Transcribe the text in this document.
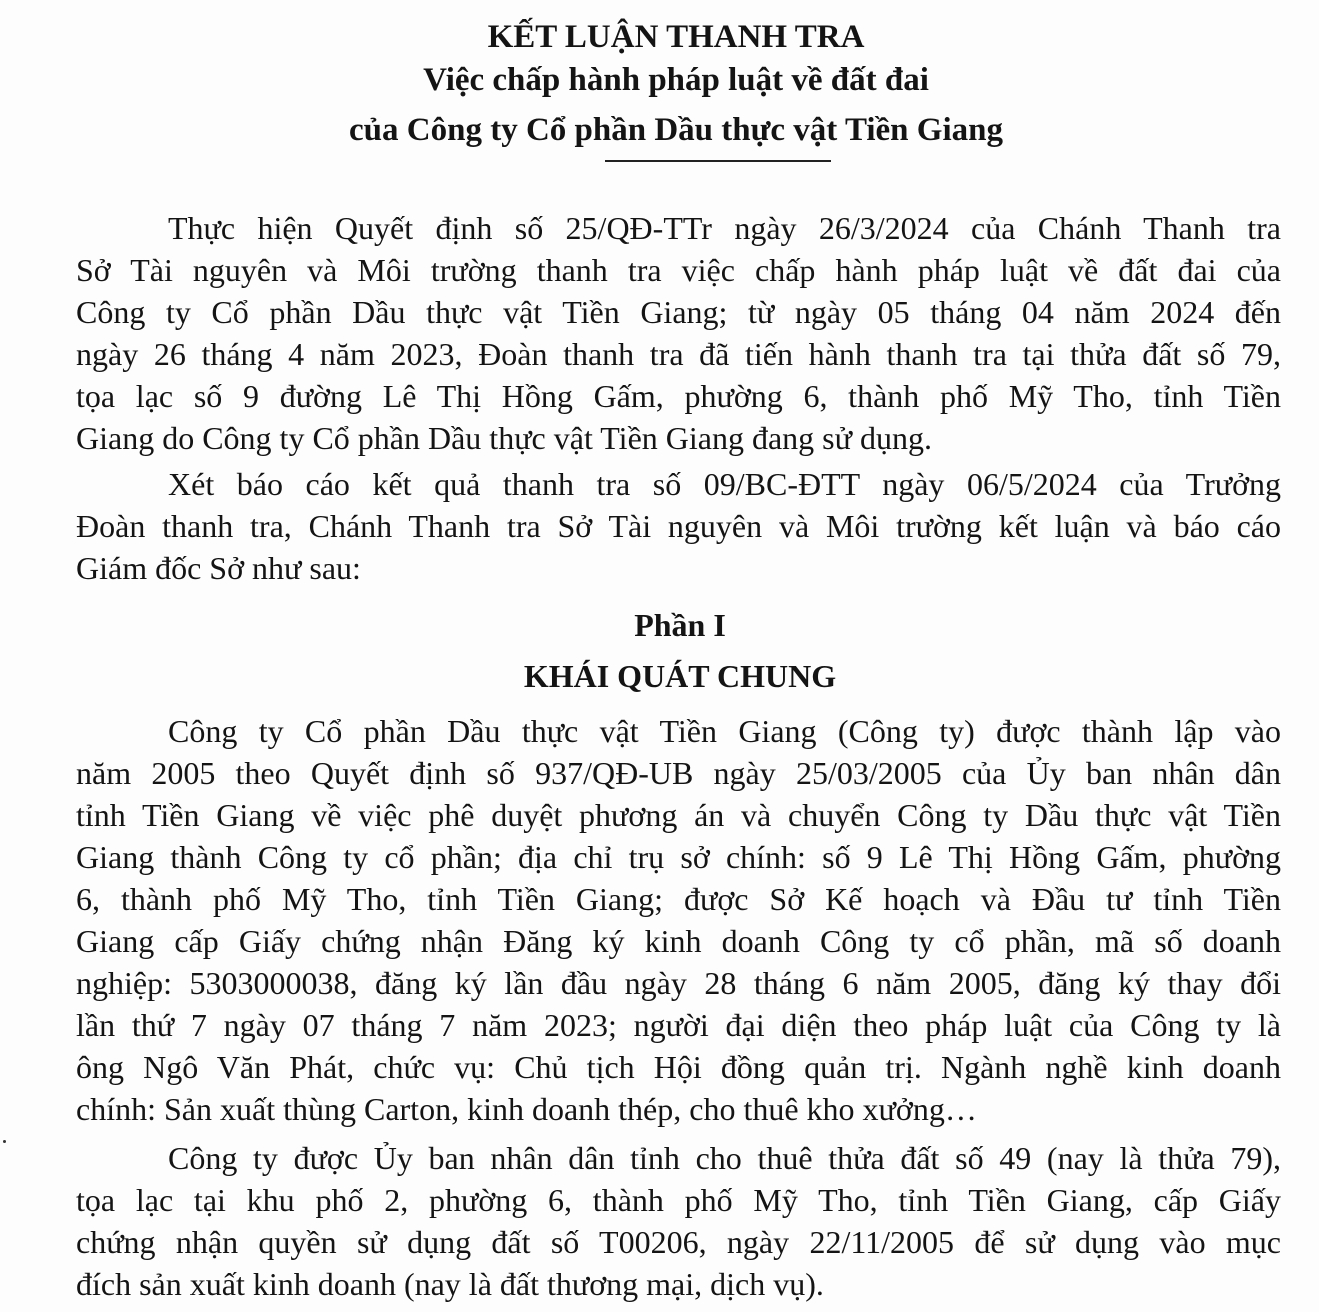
KẾT LUẬN THANH TRA
Việc chấp hành pháp luật về đất đai
của Công ty Cổ phần Dầu thực vật Tiền Giang
Thực hiện Quyết định số 25/QĐ-TTr ngày 26/3/2024 của Chánh Thanh tra
Sở Tài nguyên và Môi trường thanh tra việc chấp hành pháp luật về đất đai của
Công ty Cổ phần Dầu thực vật Tiền Giang; từ ngày 05 tháng 04 năm 2024 đến
ngày 26 tháng 4 năm 2023, Đoàn thanh tra đã tiến hành thanh tra tại thửa đất số 79,
tọa lạc số 9 đường Lê Thị Hồng Gấm, phường 6, thành phố Mỹ Tho, tỉnh Tiền
Giang do Công ty Cổ phần Dầu thực vật Tiền Giang đang sử dụng.
Xét báo cáo kết quả thanh tra số 09/BC-ĐTT ngày 06/5/2024 của Trưởng
Đoàn thanh tra, Chánh Thanh tra Sở Tài nguyên và Môi trường kết luận và báo cáo
Giám đốc Sở như sau:
Phần I
KHÁI QUÁT CHUNG
Công ty Cổ phần Dầu thực vật Tiền Giang (Công ty) được thành lập vào
năm 2005 theo Quyết định số 937/QĐ-UB ngày 25/03/2005 của Ủy ban nhân dân
tỉnh Tiền Giang về việc phê duyệt phương án và chuyển Công ty Dầu thực vật Tiền
Giang thành Công ty cổ phần; địa chỉ trụ sở chính: số 9 Lê Thị Hồng Gấm, phường
6, thành phố Mỹ Tho, tỉnh Tiền Giang; được Sở Kế hoạch và Đầu tư tỉnh Tiền
Giang cấp Giấy chứng nhận Đăng ký kinh doanh Công ty cổ phần, mã số doanh
nghiệp: 5303000038, đăng ký lần đầu ngày 28 tháng 6 năm 2005, đăng ký thay đổi
lần thứ 7 ngày 07 tháng 7 năm 2023; người đại diện theo pháp luật của Công ty là
ông Ngô Văn Phát, chức vụ: Chủ tịch Hội đồng quản trị. Ngành nghề kinh doanh
chính: Sản xuất thùng Carton, kinh doanh thép, cho thuê kho xưởng…
Công ty được Ủy ban nhân dân tỉnh cho thuê thửa đất số 49 (nay là thửa 79),
tọa lạc tại khu phố 2, phường 6, thành phố Mỹ Tho, tỉnh Tiền Giang, cấp Giấy
chứng nhận quyền sử dụng đất số T00206, ngày 22/11/2005 để sử dụng vào mục
đích sản xuất kinh doanh (nay là đất thương mại, dịch vụ).
